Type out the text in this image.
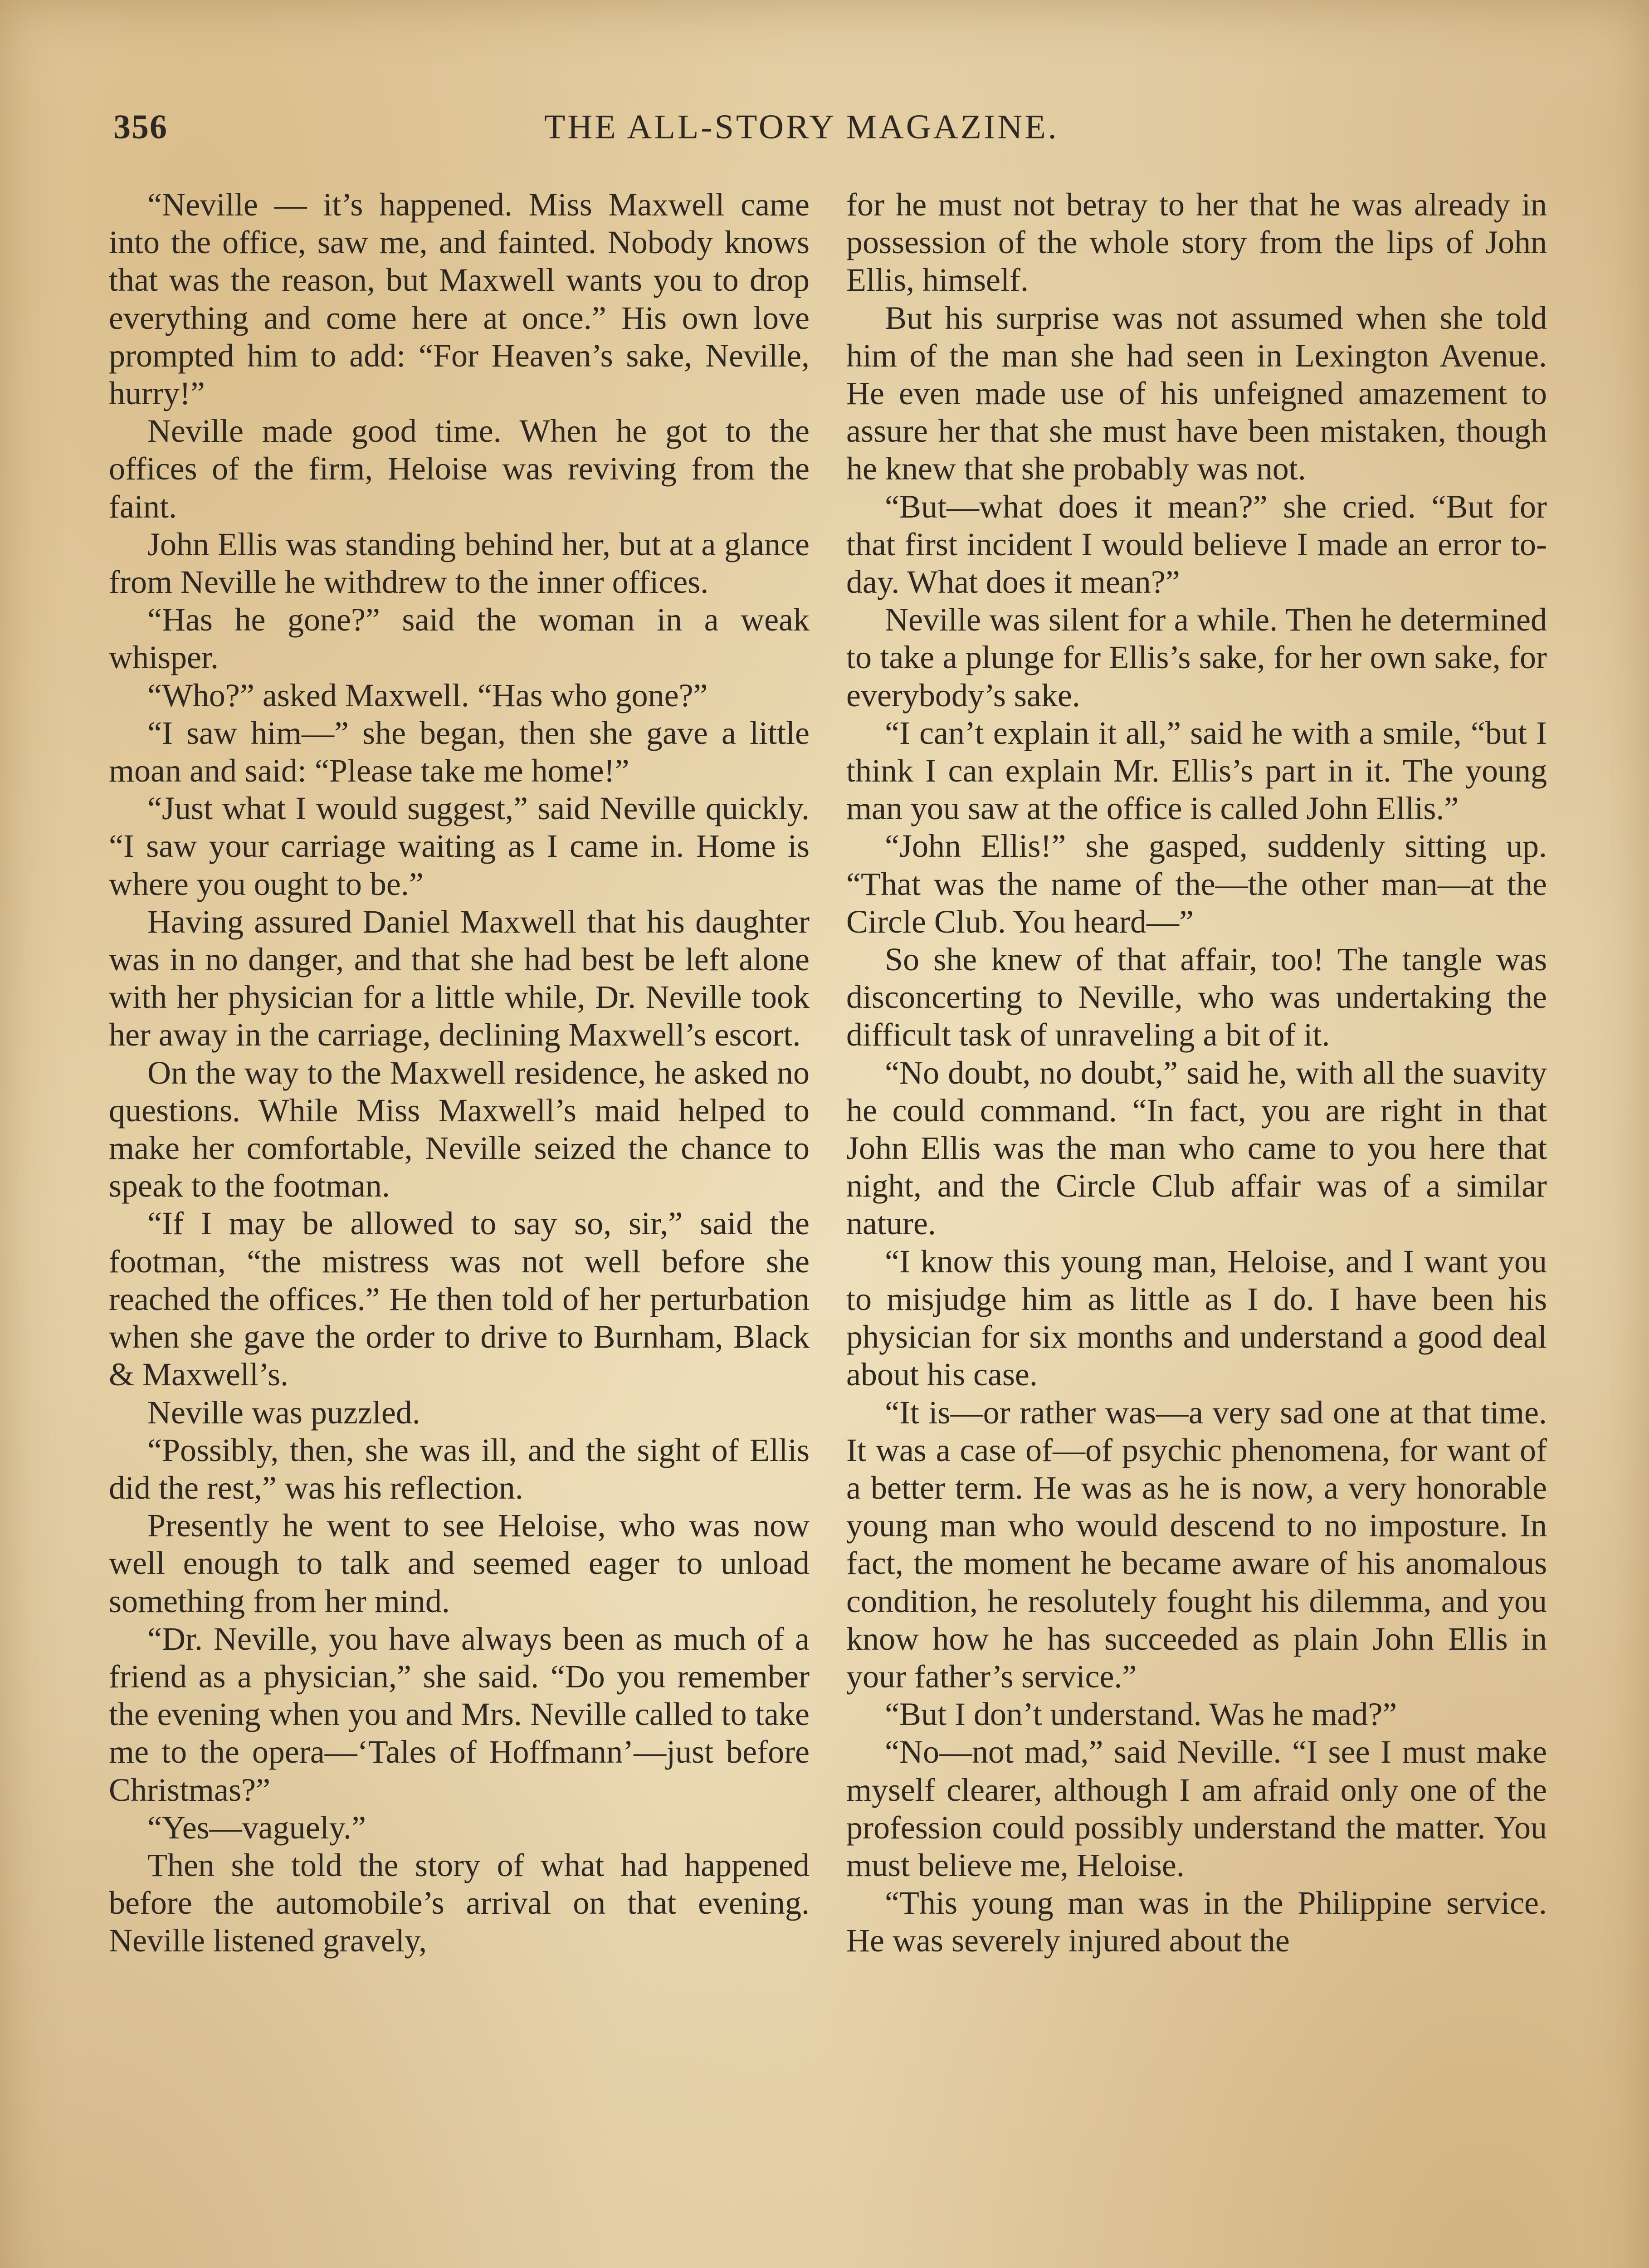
356	THE ALL-STORY MAGAZINE.

“Neville — it’s happened. Miss Maxwell came into the office, saw me, and fainted. Nobody knows that was the reason, but Maxwell wants you to drop everything and come here at once.” His own love prompted him to add: “For Heaven’s sake, Neville, hurry!”

Neville made good time. When he got to the offices of the firm, Heloise was reviving from the faint.

John Ellis was standing behind her, but at a glance from Neville he withdrew to the inner offices.

“Has he gone?” said the woman in a weak whisper.

“Who?” asked Maxwell. “Has who gone?”

“I saw him—” she began, then she gave a little moan and said: “Please take me home!”

“Just what I would suggest,” said Neville quickly. “I saw your carriage waiting as I came in. Home is where you ought to be.”

Having assured Daniel Maxwell that his daughter was in no danger, and that she had best be left alone with her physician for a little while, Dr. Neville took her away in the carriage, declining Maxwell’s escort.

On the way to the Maxwell residence, he asked no questions. While Miss Maxwell’s maid helped to make her comfortable, Neville seized the chance to speak to the footman.

“If I may be allowed to say so, sir,” said the footman, “the mistress was not well before she reached the offices.” He then told of her perturbation when she gave the order to drive to Burnham, Black & Maxwell’s.

Neville was puzzled.

“Possibly, then, she was ill, and the sight of Ellis did the rest,” was his reflection.

Presently he went to see Heloise, who was now well enough to talk and seemed eager to unload something from her mind.

“Dr. Neville, you have always been as much of a friend as a physician,” she said. “Do you remember the evening when you and Mrs. Neville called to take me to the opera—‘Tales of Hoffmann’—just before Christmas?”

“Yes—vaguely.”

Then she told the story of what had happened before the automobile’s arrival on that evening. Neville listened gravely,

for he must not betray to her that he was already in possession of the whole story from the lips of John Ellis, himself.

But his surprise was not assumed when she told him of the man she had seen in Lexington Avenue. He even made use of his unfeigned amazement to assure her that she must have been mistaken, though he knew that she probably was not.

“But—what does it mean?” she cried. “But for that first incident I would believe I made an error to-day. What does it mean?”

Neville was silent for a while. Then he determined to take a plunge for Ellis’s sake, for her own sake, for everybody’s sake.

“I can’t explain it all,” said he with a smile, “but I think I can explain Mr. Ellis’s part in it. The young man you saw at the office is called John Ellis.”

“John Ellis!” she gasped, suddenly sitting up. “That was the name of the—the other man—at the Circle Club. You heard—”

So she knew of that affair, too! The tangle was disconcerting to Neville, who was undertaking the difficult task of unraveling a bit of it.

“No doubt, no doubt,” said he, with all the suavity he could command. “In fact, you are right in that John Ellis was the man who came to you here that night, and the Circle Club affair was of a similar nature.

“I know this young man, Heloise, and I want you to misjudge him as little as I do. I have been his physician for six months and understand a good deal about his case.

“It is—or rather was—a very sad one at that time. It was a case of—of psychic phenomena, for want of a better term. He was as he is now, a very honorable young man who would descend to no imposture. In fact, the moment he became aware of his anomalous condition, he resolutely fought his dilemma, and you know how he has succeeded as plain John Ellis in your father’s service.”

“But I don’t understand. Was he mad?”

“No—not mad,” said Neville. “I see I must make myself clearer, although I am afraid only one of the profession could possibly understand the matter. You must believe me, Heloise.

“This young man was in the Philippine service. He was severely injured about the
